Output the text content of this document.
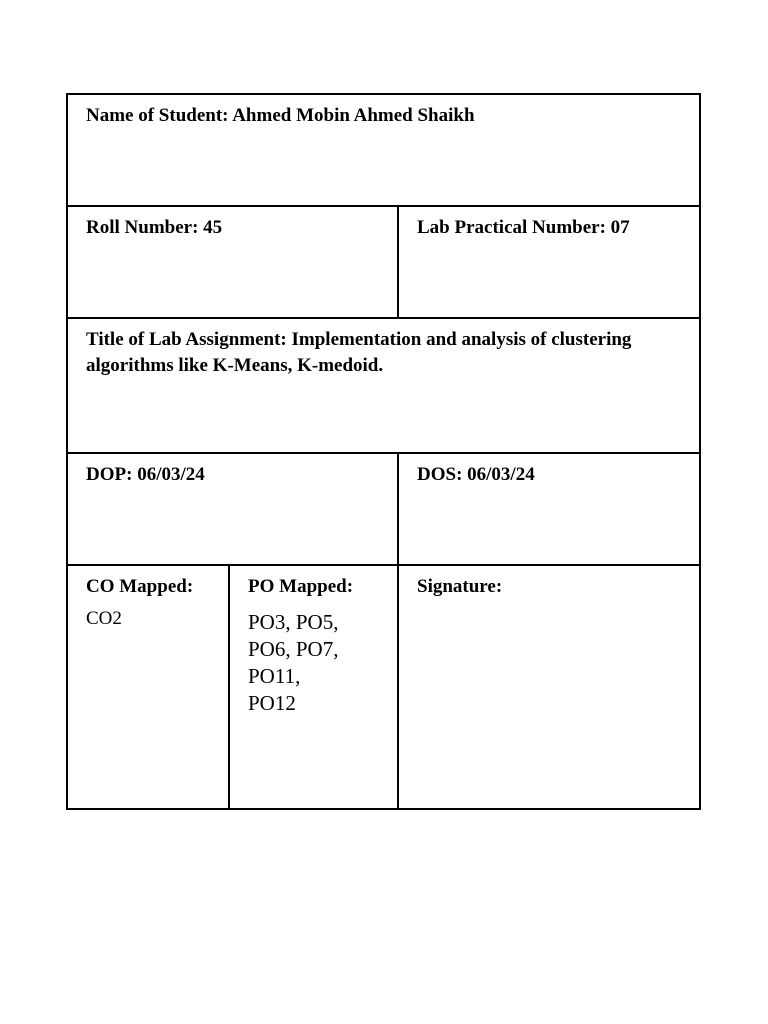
Name of Student: Ahmed Mobin Ahmed Shaikh
Roll Number: 45	Lab Practical Number: 07
Title of Lab Assignment: Implementation and analysis of clustering algorithms like K-Means, K-medoid.
DOP: 06/03/24	DOS: 06/03/24
CO Mapped:
CO2
PO Mapped:
PO3, PO5,
PO6, PO7,
PO11,
PO12
Signature:
